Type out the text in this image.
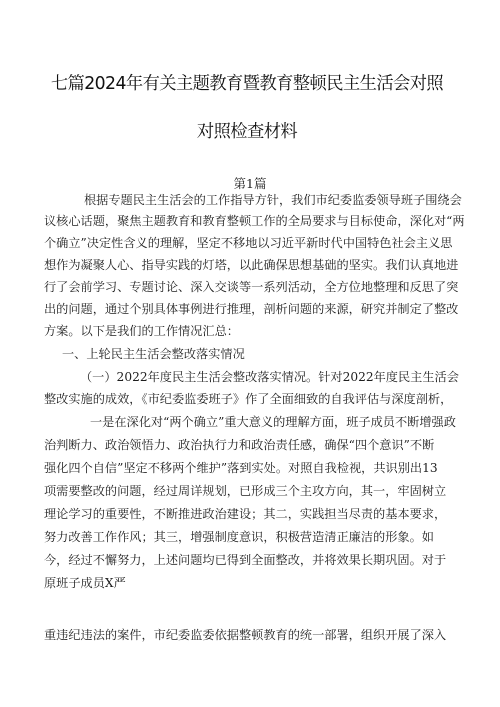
七篇2024年有关主题教育暨教育整顿民主生活会对照
对照检查材料
第1篇
根据专题民主生活会的工作指导方针，我们市纪委监委领导班子围绕会
议核心话题，聚焦主题教育和教育整顿工作的全局要求与目标使命，深化对“两
个确立”决定性含义的理解，坚定不移地以习近平新时代中国特色社会主义思
想作为凝聚人心、指导实践的灯塔，以此确保思想基础的坚实。我们认真地进
行了会前学习、专题讨论、深入交谈等一系列活动，全方位地整理和反思了突
出的问题，通过个别具体事例进行推理，剖析问题的来源，研究并制定了整改
方案。以下是我们的工作情况汇总：
一、上轮民主生活会整改落实情况
（一）2022年度民主生活会整改落实情况。针对2022年度民主生活会
整改实施的成效，《市纪委监委班子》作了全面细致的自我评估与深度剖析，
一是在深化对“两个确立”重大意义的理解方面，班子成员不断增强政
治判断力、政治领悟力、政治执行力和政治责任感，确保“四个意识”不断
强化四个自信”坚定不移两个维护”落到实处。对照自我检视，共识别出13
项需要整改的问题，经过周详规划，已形成三个主攻方向，其一，牢固树立
理论学习的重要性，不断推进政治建设；其二，实践担当尽责的基本要求，
努力改善工作作风；其三，增强制度意识，积极营造清正廉洁的形象。如
今，经过不懈努力，上述问题均已得到全面整改，并将效果长期巩固。对于
原班子成员X严
重违纪违法的案件，市纪委监委依据整顿教育的统一部署，组织开展了深入
